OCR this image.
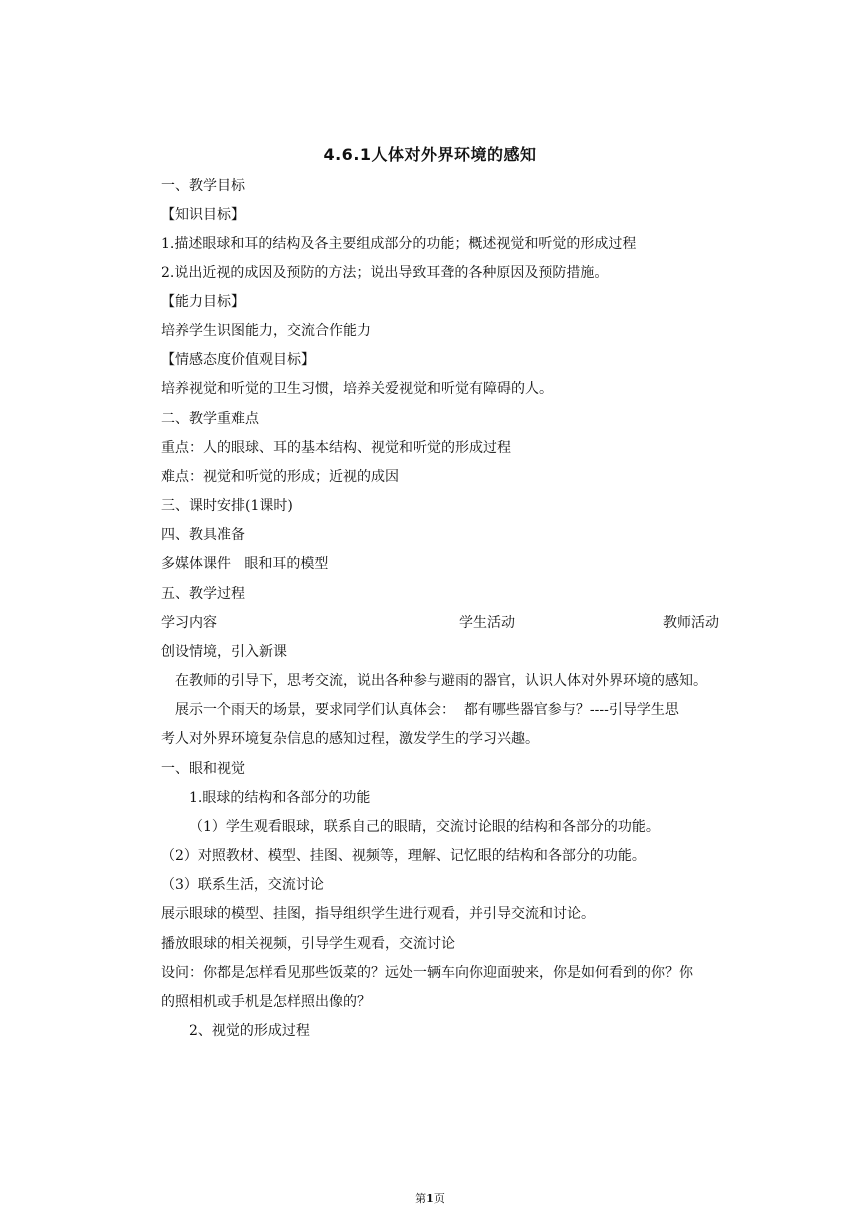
4.6.1人体对外界环境的感知
一、教学目标
【知识目标】
1.描述眼球和耳的结构及各主要组成部分的功能；概述视觉和听觉的形成过程
2.说出近视的成因及预防的方法；说出导致耳聋的各种原因及预防措施。
【能力目标】
培养学生识图能力，交流合作能力
【情感态度价值观目标】
培养视觉和听觉的卫生习惯，培养关爱视觉和听觉有障碍的人。
二、教学重难点
重点：人的眼球、耳的基本结构、视觉和听觉的形成过程
难点：视觉和听觉的形成；近视的成因
三、课时安排(1课时)
四、教具准备
多媒体课件   眼和耳的模型
五、教学过程
学习内容	学生活动	教师活动
创设情境，引入新课
在教师的引导下，思考交流，说出各种参与避雨的器官，认识人体对外界环境的感知。
展示一个雨天的场景，要求同学们认真体会：  都有哪些器官参与？----引导学生思
考人对外界环境复杂信息的感知过程，激发学生的学习兴趣。
一、眼和视觉
1.眼球的结构和各部分的功能
（1）学生观看眼球，联系自己的眼睛，交流讨论眼的结构和各部分的功能。
（2）对照教材、模型、挂图、视频等，理解、记忆眼的结构和各部分的功能。
（3）联系生活，交流讨论
展示眼球的模型、挂图，指导组织学生进行观看，并引导交流和讨论。
播放眼球的相关视频，引导学生观看，交流讨论
设问：你都是怎样看见那些饭菜的？远处一辆车向你迎面驶来，你是如何看到的你？你
的照相机或手机是怎样照出像的？
2、视觉的形成过程
第1页
